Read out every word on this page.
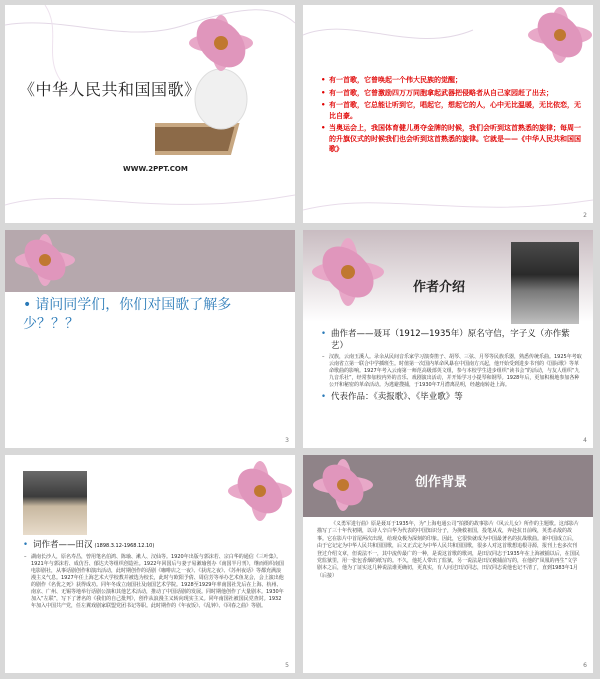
《中华人民共和国国歌》
WWW.2PPT.COM
• 有一首歌，它曾唤起一个伟大民族的觉醒；
• 有一首歌，它曾激励四万万同胞拿起武器把侵略者从自己家园赶了出去；
• 有一首歌，它总能让听到它，唱起它，想起它的人，心中无比温暖，无比依恋，无比自豪。
• 当奥运会上，我国体育健儿勇夺金牌的时候，我们会听到这首熟悉的旋律；每周一的升旗仪式的时候我们也会听到这首熟悉的旋律。它就是——《中华人民共和国国歌》
2
• 请问同学们，你们对国歌了解多少？？？
3
作者介绍
• 曲作者——聂耳（1912—1935年）原名守信，字子义（亦作紫 艺）
– 汉族，云南玉溪人。录余从民间音乐家学习演奏笛子、胡琴、三弦、月琴等民族乐器，熟悉传统乐曲。1925年考取云南省立第一联合中学插班生。时值第一次国内革命风暴在中国南方兴起，他开始受到进步书刊的《国际歌》等革命歌曲的影响。1927年考入云南第一师范高级部英文组，参与本校学生进步组织“读书会”的活动，与友人组织“九九音乐社”，经常参加校内外的音乐、戏剧演出活动，并开始学习小提琴和钢琴。1928年后，更加积极地参加各种公开和秘密的革命活动。为逃避搜捕，于1930年7月潜离昆明，经越南转赴上海。
• 代表作品：《卖报歌》、《毕业歌》等
4
• 词作者——田汉 (1898.3.12-1968.12.10)
– 湖南长沙人，原名寿昌，曾用笔名伯鸿、陈瑜、漱人、汉仙等。1920年出版与郭沫若、宗白华的通信《三叶集》。1921年与郭沫若、成仿吾、郁达夫等组织创造社。1922年回国后与妻子易漱瑜创办《南国半月刊》，继而组织南国电影剧社，从事话剧创作和演出活动，此时期创作的话剧《咖啡店之一夜》、《获虎之夜》、《苏州夜话》等都充满浪漫主义气息。1927年任上海艺术大学校教并被选为校长，此时与欧阳予倩、周信芳等举办艺术鱼龙会，会上演出他的剧作《名优之死》获得成功。同年冬成立南国社及南国艺术学院。1928至1929年率南国社先后在上海、杭州、南京、广州、无锡等地举行话剧公演和其他艺术活动，推动了中国话剧的发展。同时期他创作了大量剧本。1930年加入“左联”，写下了著名的《我们的自己批判》，创作从浪漫主义转向现实主义。同年南国社被国民党查封。1932年加入中国共产党，任左翼戏剧家联盟党团书记等职。此时期作的《年夜饭》、《乱钟》、《回春之曲》等剧。
5
创作背景
《义勇军进行曲》原是聂耳于1935年，为“上海电通公司”拍摄的故事影片《风云儿女》所作的主题歌。这部影片描写了三十年代初期，以诗人辛白华为代表的中国知识分子，为挽救祖国，投笔从戎，奔赴抗日前线，英勇杀敌的故事。它在影片中首尾两次出现，给观众极为深刻的印象。因此，它很快就成为中国最著名的抗战歌曲。新中国成立后，由于它记定为中华人民共和国国歌，后又正式定为中华人民共和国国歌，很多人对这首歌想追根寻源，报刊上也多次刊登过介绍文章，但说法不一，其中流传最广的一种，是说这首歌的歌词，是田汉同志于1935年在上海被捕以后，在国民党监狱里，用一张包香烟的纸写的。不久，他托人带出了监狱，另一说法是田汉被捕前写的，在他的“凤凰的再生”文学剧本之后，他为了证实这几种说法谁更确切，更真实，有人问过田汉同志，田汉同志说他也记不清了，直到1983年1月（后接）
6
